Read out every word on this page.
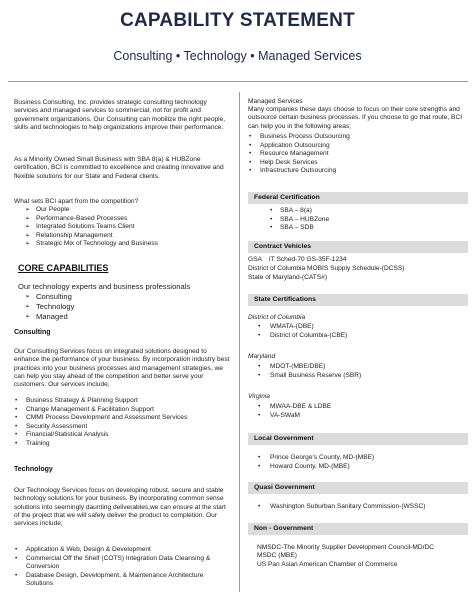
CAPABILITY STATEMENT
Consulting • Technology • Managed Services
Business Consulting, Inc. provides strategic consulting technology services and managed services to commercial, not for profit and government organizations. Our Consulting can mobilize the right people, skills and technologies to help organizations improve their performance.
As a Minority Owned Small Business with SBA 8(a) & HUBZone certification, BCI is committed to excellence and creating innovative and flexible solutions for our State and Federal clients.
What sets BCI apart from the competition?
➢ Our People
➢ Performance-Based Processes
➢ Integrated Solutions Teams Client
➢ Relationship Management
➢ Strategic Mix of Technology and Business
CORE CAPABILITIES
Our technology experts and business professionals
➢ Consulting
➢ Technology
➢ Managed
Consulting
Our Consulting Services focus on integrated solutions designed to enhance the performance of your business. By incorporation industry best practices into your business processes and management strategies, we can help you stay ahead of the competition and better serve your customers. Our services include;
• Business Strategy & Planning Support
• Change Management & Facilitation Support
• CMMI Process Development and Assessment Services
• Security Assessment
• Financial/Statistical Analysis
• Training
Technology
Our Technology Services focus on developing robust, secure and stable technology solutions for your business. By incorporating common sense solutions into seemingly daunting deliverables,we can ensure at the start of the project that we will safely deliver the product to completion. Our services include;
• Application & Web, Design & Development
• Commercial Off the Shelf (COTS) Integration Data Cleansing & Conversion
• Database Design, Development, & Maintenance Architecture Solutions
Managed Services
Many companies these days choose to focus on their core strengths and outsource certain business processes. If you choose to go that route, BCI can help you in the following areas;
• Business Process Outsourcing
• Application Outsourcing
• Resource Management
• Help Desk Services
• Infrastructure Outsourcing
Federal Certification
• SBA – 8(a)
• SBA – HUBZone
• SBA – SDB
Contract Vehicles
GSA    IT Sched-70 GS-35F-1234
District of Columbia MOBIS Supply Schedule-(DCSS)
State of Maryland-(CATS#)
State Certifications
District of Columbia
• WMATA-(DBE)
• District of Columbia-(CBE)
Maryland
• MDOT-(MBE/DBE)
• Small Business Reserve (SBR)
Virginia
• MWAA-DBE & LDBE
• VA-SWaM
Local Government
• Prince George’s County, MD-(MBE)
• Howard County, MD-(MBE)
Quasi Government
• Washington Suburban Sanitary Commission-(WSSC)
Non - Government
NMSDC-The Minority Supplier Development Council-MD/DC MSDC (MBE)
US Pan Asian American Chamber of Commerce
